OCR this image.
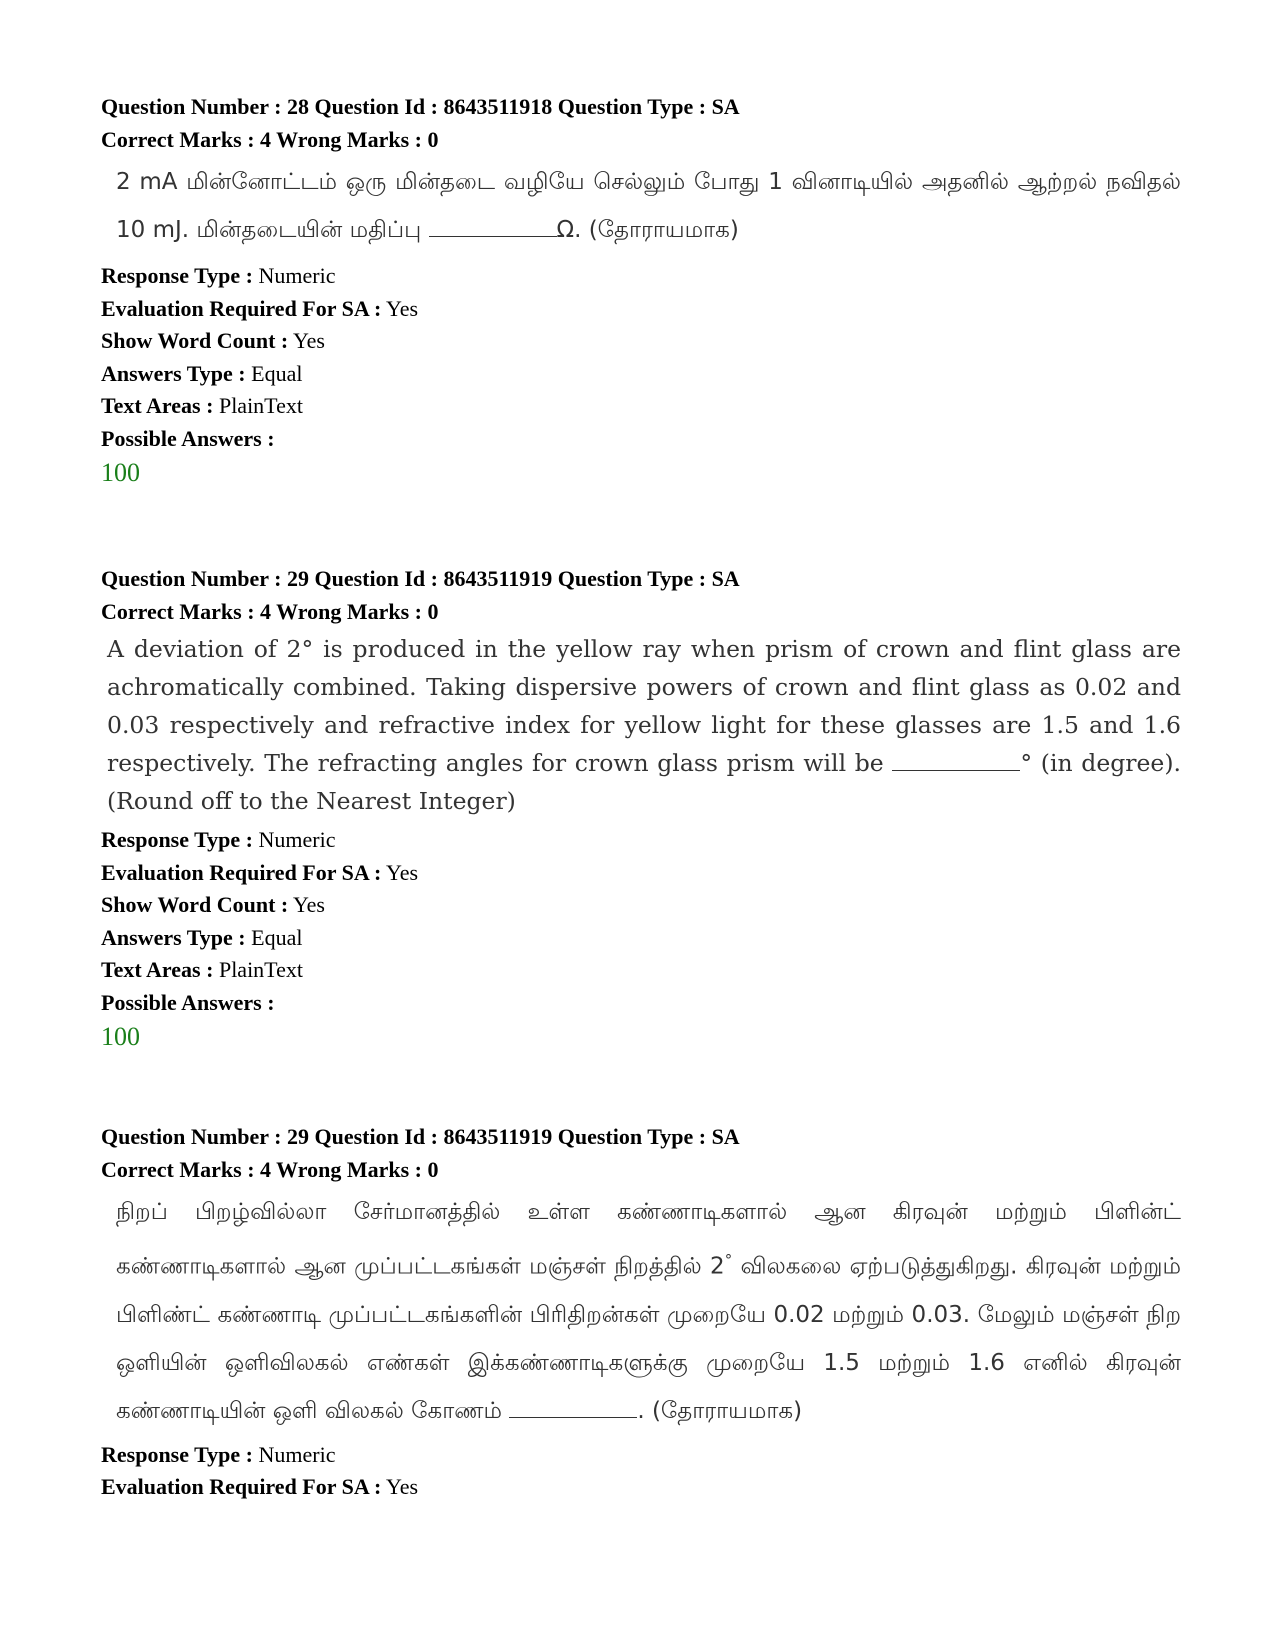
Question Number : 28 Question Id : 8643511918 Question Type : SA
Correct Marks : 4 Wrong Marks : 0
2 mA மின்னோட்டம் ஒரு மின்தடை வழியே செல்லும் போது 1 வினாடியில் அதனில் ஆற்றல் நவிதல் 10 mJ. மின்தடையின் மதிப்பு	Ω. (தோராயமாக)
Response Type : Numeric
Evaluation Required For SA : Yes
Show Word Count : Yes
Answers Type : Equal
Text Areas : PlainText
Possible Answers :
100
Question Number : 29 Question Id : 8643511919 Question Type : SA
Correct Marks : 4 Wrong Marks : 0
A deviation of 2° is produced in the yellow ray when prism of crown and flint glass are achromatically combined. Taking dispersive powers of crown and flint glass as 0.02 and 0.03 respectively and refractive index for yellow light for these glasses are 1.5 and 1.6 respectively. The refracting angles for crown glass prism will be	° (in degree). (Round off to the Nearest Integer)
Response Type : Numeric
Evaluation Required For SA : Yes
Show Word Count : Yes
Answers Type : Equal
Text Areas : PlainText
Possible Answers :
100
Question Number : 29 Question Id : 8643511919 Question Type : SA
Correct Marks : 4 Wrong Marks : 0
நிறப் பிறழ்வில்லா சேர்மானத்தில் உள்ள கண்ணாடிகளால் ஆன கிரவுன் மற்றும் பிளின்ட் கண்ணாடிகளால் ஆன முப்பட்டகங்கள் மஞ்சள் நிறத்தில் 2° விலகலை ஏற்படுத்துகிறது. கிரவுன் மற்றும் பிளிண்ட் கண்ணாடி முப்பட்டகங்களின் பிரிதிறன்கள் முறையே 0.02 மற்றும் 0.03. மேலும் மஞ்சள் நிற ஒளியின் ஒளிவிலகல் எண்கள் இக்கண்ணாடிகளுக்கு முறையே 1.5 மற்றும் 1.6 எனில் கிரவுன் கண்ணாடியின் ஒளி விலகல் கோணம்	. (தோராயமாக)
Response Type : Numeric
Evaluation Required For SA : Yes
